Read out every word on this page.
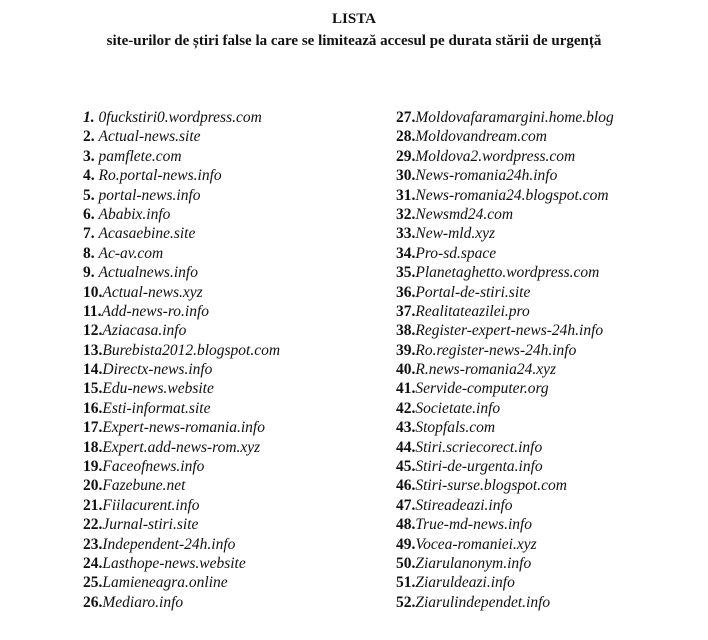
LISTA
site-urilor de știri false la care se limitează accesul pe durata stării de urgență
1. 0fuckstiri0.wordpress.com
2. Actual-news.site
3. pamflete.com
4. Ro.portal-news.info
5. portal-news.info
6. Ababix.info
7. Acasaebine.site
8. Ac-av.com
9. Actualnews.info
10.Actual-news.xyz
11.Add-news-ro.info
12.Aziacasa.info
13.Burebista2012.blogspot.com
14.Directx-news.info
15.Edu-news.website
16.Esti-informat.site
17.Expert-news-romania.info
18.Expert.add-news-rom.xyz
19.Faceofnews.info
20.Fazebune.net
21.Fiilacurent.info
22.Jurnal-stiri.site
23.Independent-24h.info
24.Lasthope-news.website
25.Lamieneagra.online
26.Mediaro.info
27.Moldovafaramargini.home.blog
28.Moldovandream.com
29.Moldova2.wordpress.com
30.News-romania24h.info
31.News-romania24.blogspot.com
32.Newsmd24.com
33.New-mld.xyz
34.Pro-sd.space
35.Planetaghetto.wordpress.com
36.Portal-de-stiri.site
37.Realitateazilei.pro
38.Register-expert-news-24h.info
39.Ro.register-news-24h.info
40.R.news-romania24.xyz
41.Servide-computer.org
42.Societate.info
43.Stopfals.com
44.Stiri.scriecorect.info
45.Stiri-de-urgenta.info
46.Stiri-surse.blogspot.com
47.Stireadeazi.info
48.True-md-news.info
49.Vocea-romaniei.xyz
50.Ziarulanonym.info
51.Ziaruldeazi.info
52.Ziarulindependet.info
